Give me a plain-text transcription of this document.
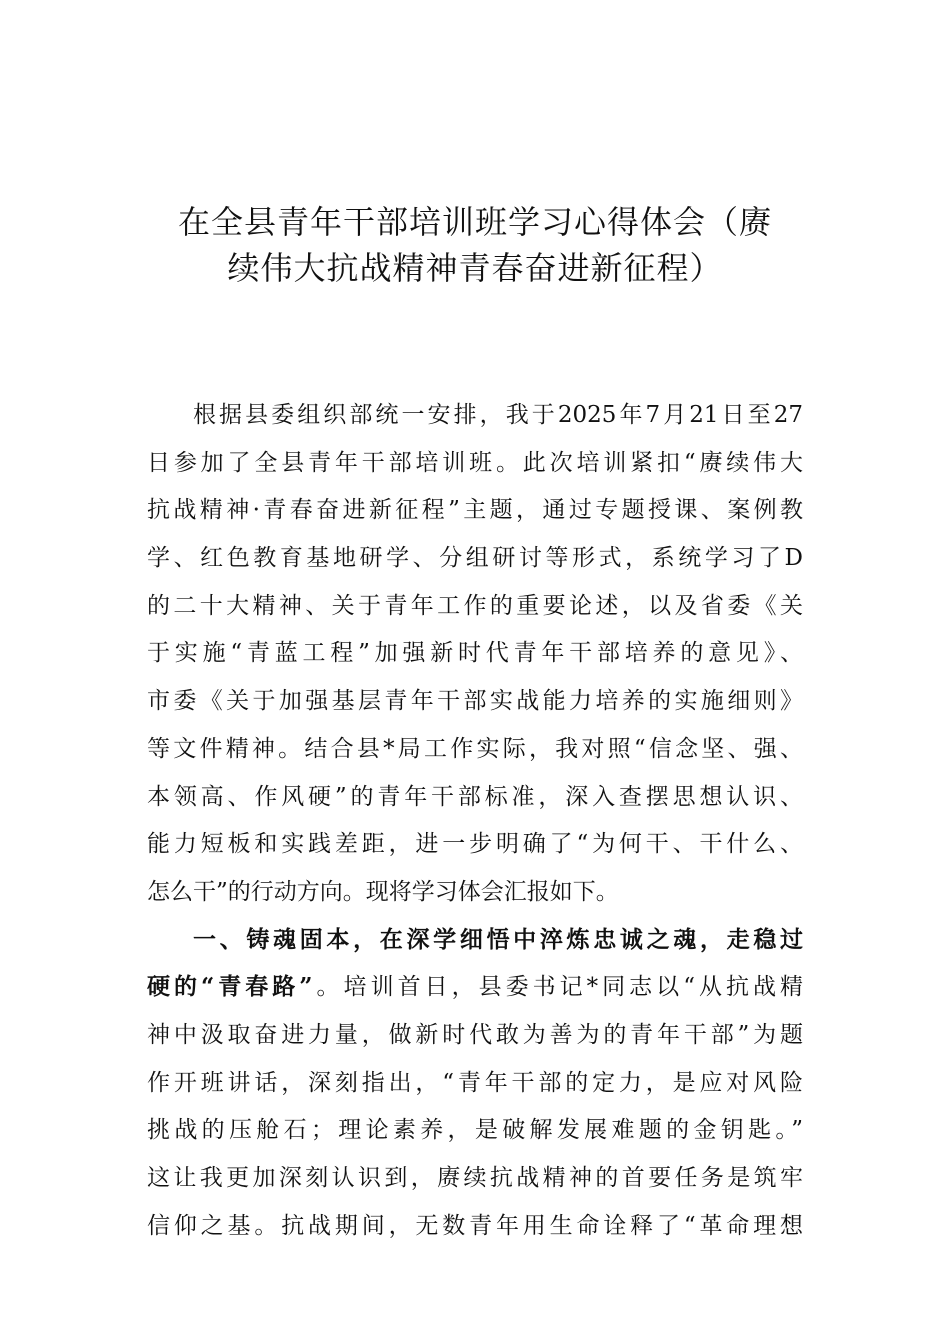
在全县青年干部培训班学习心得体会（赓
续伟大抗战精神青春奋进新征程）
根据县委组织部统一安排，我于2025年7月21日至27
日参加了全县青年干部培训班。此次培训紧扣“赓续伟大
抗战精神·青春奋进新征程”主题，通过专题授课、案例教
学、红色教育基地研学、分组研讨等形式，系统学习了D
的二十大精神、关于青年工作的重要论述，以及省委《关
于实施“青蓝工程”加强新时代青年干部培养的意见》、
市委《关于加强基层青年干部实战能力培养的实施细则》
等文件精神。结合县*局工作实际，我对照“信念坚、强、
本领高、作风硬”的青年干部标准，深入查摆思想认识、
能力短板和实践差距，进一步明确了“为何干、干什么、
怎么干”的行动方向。现将学习体会汇报如下。
一、铸魂固本，在深学细悟中淬炼忠诚之魂，走稳过
硬的“青春路”。培训首日，县委书记*同志以“从抗战精
神中汲取奋进力量，做新时代敢为善为的青年干部”为题
作开班讲话，深刻指出，“青年干部的定力，是应对风险
挑战的压舱石；理论素养，是破解发展难题的金钥匙。”
这让我更加深刻认识到，赓续抗战精神的首要任务是筑牢
信仰之基。抗战期间，无数青年用生命诠释了“革命理想
